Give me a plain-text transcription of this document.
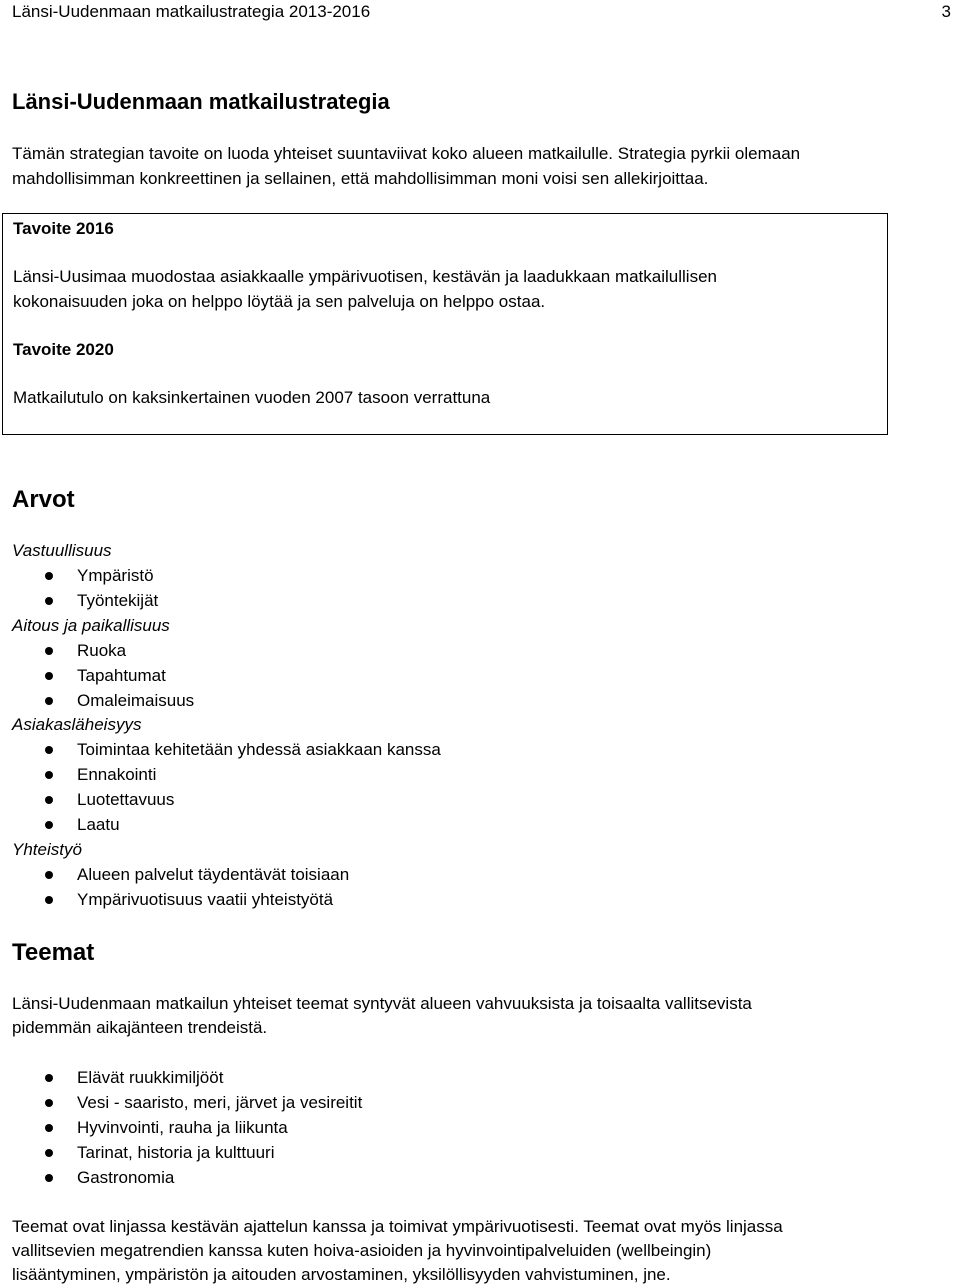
Länsi-Uudenmaan matkailustrategia 2013-2016	3
Länsi-Uudenmaan matkailustrategia
Tämän strategian tavoite on luoda yhteiset suuntaviivat koko alueen matkailulle. Strategia pyrkii olemaan
mahdollisimman konkreettinen ja sellainen, että mahdollisimman moni voisi sen allekirjoittaa.
Tavoite 2016
Länsi-Uusimaa muodostaa asiakkaalle ympärivuotisen, kestävän ja laadukkaan matkailullisen
kokonaisuuden joka on helppo löytää ja sen palveluja on helppo ostaa.
Tavoite 2020
Matkailutulo on kaksinkertainen vuoden 2007 tasoon verrattuna
Arvot
Vastuullisuus
Ympäristö
Työntekijät
Aitous ja paikallisuus
Ruoka
Tapahtumat
Omaleimaisuus
Asiakasläheisyys
Toimintaa kehitetään yhdessä asiakkaan kanssa
Ennakointi
Luotettavuus
Laatu
Yhteistyö
Alueen palvelut täydentävät toisiaan
Ympärivuotisuus vaatii yhteistyötä
Teemat
Länsi-Uudenmaan matkailun yhteiset teemat syntyvät alueen vahvuuksista ja toisaalta vallitsevista
pidemmän aikajänteen trendeistä.
Elävät ruukkimiljööt
Vesi - saaristo, meri, järvet ja vesireitit
Hyvinvointi, rauha ja liikunta
Tarinat, historia ja kulttuuri
Gastronomia
Teemat ovat linjassa kestävän ajattelun kanssa ja toimivat ympärivuotisesti. Teemat ovat myös linjassa
vallitsevien megatrendien kanssa kuten hoiva-asioiden ja hyvinvointipalveluiden (wellbeingin)
lisääntyminen, ympäristön ja aitouden arvostaminen, yksilöllisyyden vahvistuminen, jne.
